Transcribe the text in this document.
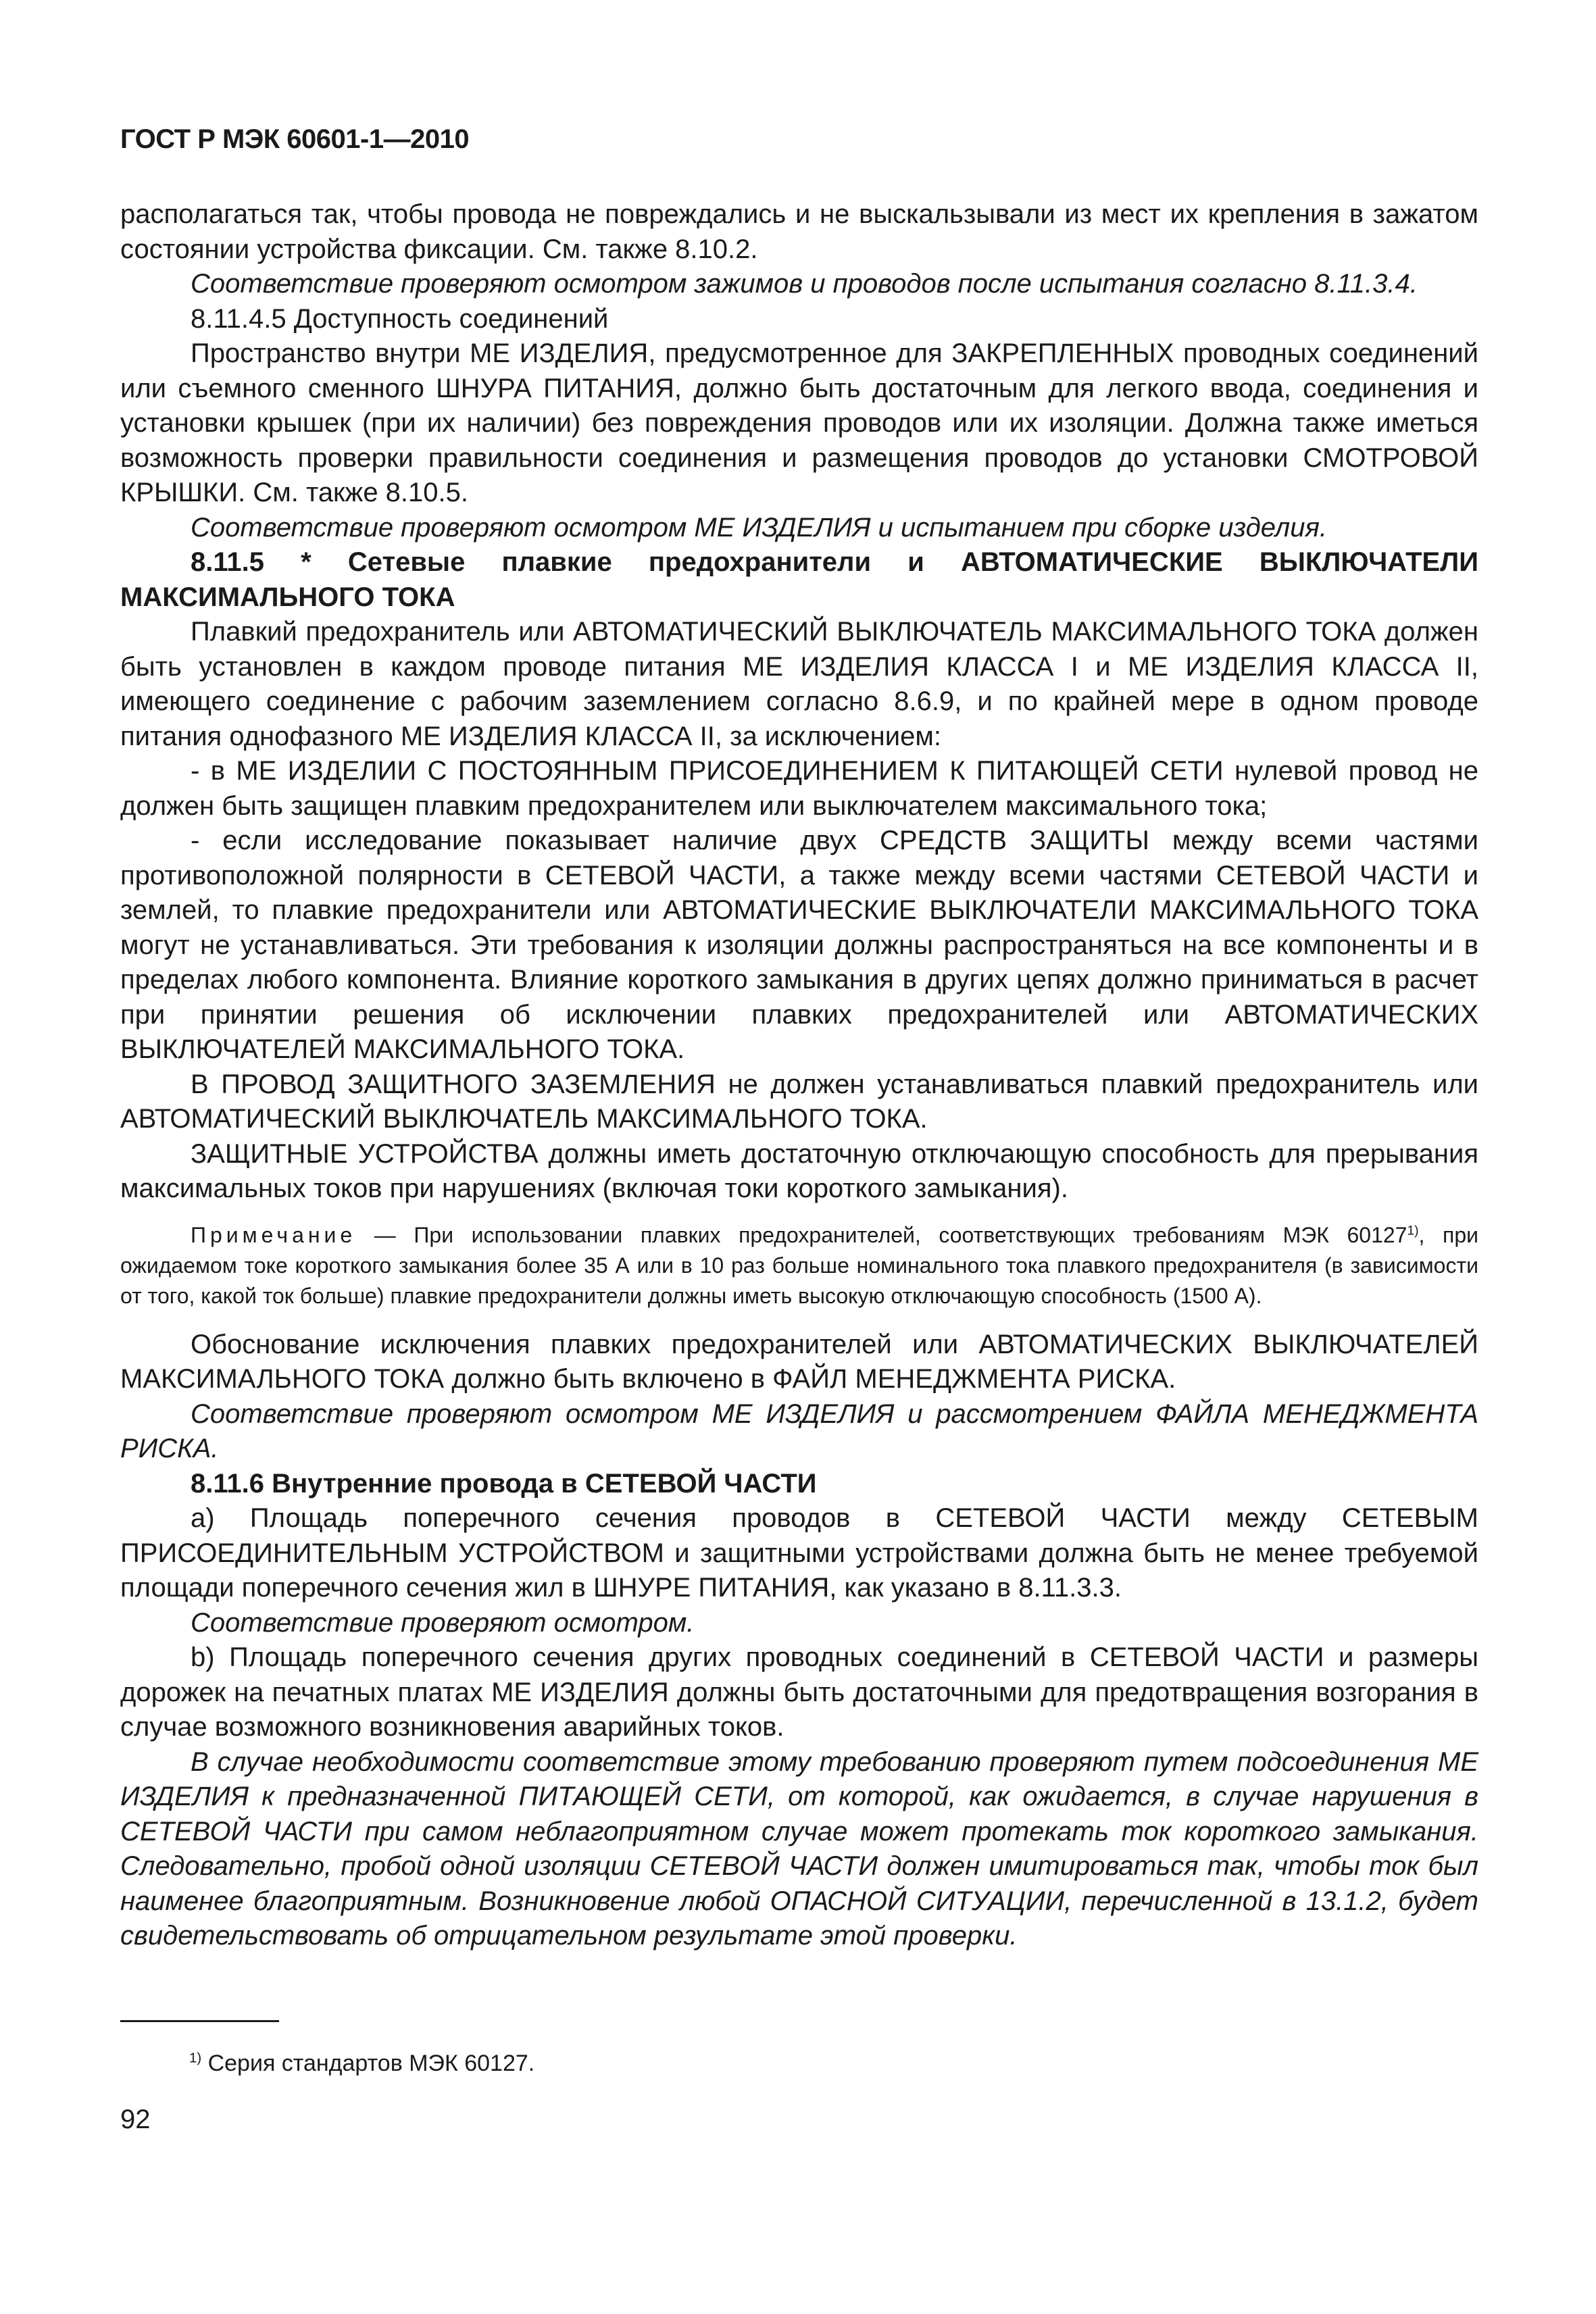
ГОСТ Р МЭК 60601-1—2010

располагаться так, чтобы провода не повреждались и не выскальзывали из мест их крепления в зажатом состоянии устройства фиксации. См. также 8.10.2.

Соответствие проверяют осмотром зажимов и проводов после испытания согласно 8.11.3.4.

8.11.4.5 Доступность соединений

Пространство внутри МЕ ИЗДЕЛИЯ, предусмотренное для ЗАКРЕПЛЕННЫХ проводных соединений или съемного сменного ШНУРА ПИТАНИЯ, должно быть достаточным для легкого ввода, соединения и установки крышек (при их наличии) без повреждения проводов или их изоляции. Должна также иметься возможность проверки правильности соединения и размещения проводов до установки СМОТРОВОЙ КРЫШКИ. См. также 8.10.5.

Соответствие проверяют осмотром МЕ ИЗДЕЛИЯ и испытанием при сборке изделия.

8.11.5 * Сетевые плавкие предохранители и АВТОМАТИЧЕСКИЕ ВЫКЛЮЧАТЕЛИ МАКСИМАЛЬНОГО ТОКА

Плавкий предохранитель или АВТОМАТИЧЕСКИЙ ВЫКЛЮЧАТЕЛЬ МАКСИМАЛЬНОГО ТОКА должен быть установлен в каждом проводе питания МЕ ИЗДЕЛИЯ КЛАССА I и МЕ ИЗДЕЛИЯ КЛАССА II, имеющего соединение с рабочим заземлением согласно 8.6.9, и по крайней мере в одном проводе питания однофазного МЕ ИЗДЕЛИЯ КЛАССА II, за исключением:

- в МЕ ИЗДЕЛИИ С ПОСТОЯННЫМ ПРИСОЕДИНЕНИЕМ К ПИТАЮЩЕЙ СЕТИ нулевой провод не должен быть защищен плавким предохранителем или выключателем максимального тока;

- если исследование показывает наличие двух СРЕДСТВ ЗАЩИТЫ между всеми частями противоположной полярности в СЕТЕВОЙ ЧАСТИ, а также между всеми частями СЕТЕВОЙ ЧАСТИ и землей, то плавкие предохранители или АВТОМАТИЧЕСКИЕ ВЫКЛЮЧАТЕЛИ МАКСИМАЛЬНОГО ТОКА могут не устанавливаться. Эти требования к изоляции должны распространяться на все компоненты и в пределах любого компонента. Влияние короткого замыкания в других цепях должно приниматься в расчет при принятии решения об исключении плавких предохранителей или АВТОМАТИЧЕСКИХ ВЫКЛЮЧАТЕЛЕЙ МАКСИМАЛЬНОГО ТОКА.

В ПРОВОД ЗАЩИТНОГО ЗАЗЕМЛЕНИЯ не должен устанавливаться плавкий предохранитель или АВТОМАТИЧЕСКИЙ ВЫКЛЮЧАТЕЛЬ МАКСИМАЛЬНОГО ТОКА.

ЗАЩИТНЫЕ УСТРОЙСТВА должны иметь достаточную отключающую способность для прерывания максимальных токов при нарушениях (включая токи короткого замыкания).

Примечание — При использовании плавких предохранителей, соответствующих требованиям МЭК 60127$^{1)}$, при ожидаемом токе короткого замыкания более 35 А или в 10 раз больше номинального тока плавкого предохранителя (в зависимости от того, какой ток больше) плавкие предохранители должны иметь высокую отключающую способность (1500 А).

Обоснование исключения плавких предохранителей или АВТОМАТИЧЕСКИХ ВЫКЛЮЧАТЕЛЕЙ МАКСИМАЛЬНОГО ТОКА должно быть включено в ФАЙЛ МЕНЕДЖМЕНТА РИСКА.

Соответствие проверяют осмотром МЕ ИЗДЕЛИЯ и рассмотрением ФАЙЛА МЕНЕДЖМЕНТА РИСКА.

8.11.6 Внутренние провода в СЕТЕВОЙ ЧАСТИ

a) Площадь поперечного сечения проводов в СЕТЕВОЙ ЧАСТИ между СЕТЕВЫМ ПРИСОЕДИНИТЕЛЬНЫМ УСТРОЙСТВОМ и защитными устройствами должна быть не менее требуемой площади поперечного сечения жил в ШНУРЕ ПИТАНИЯ, как указано в 8.11.3.3.

Соответствие проверяют осмотром.

b) Площадь поперечного сечения других проводных соединений в СЕТЕВОЙ ЧАСТИ и размеры дорожек на печатных платах МЕ ИЗДЕЛИЯ должны быть достаточными для предотвращения возгорания в случае возможного возникновения аварийных токов.

В случае необходимости соответствие этому требованию проверяют путем подсоединения МЕ ИЗДЕЛИЯ к предназначенной ПИТАЮЩЕЙ СЕТИ, от которой, как ожидается, в случае нарушения в СЕТЕВОЙ ЧАСТИ при самом неблагоприятном случае может протекать ток короткого замыкания. Следовательно, пробой одной изоляции СЕТЕВОЙ ЧАСТИ должен имитироваться так, чтобы ток был наименее благоприятным. Возникновение любой ОПАСНОЙ СИТУАЦИИ, перечисленной в 13.1.2, будет свидетельствовать об отрицательном результате этой проверки.

$^{1)}$ Серия стандартов МЭК 60127.
92
